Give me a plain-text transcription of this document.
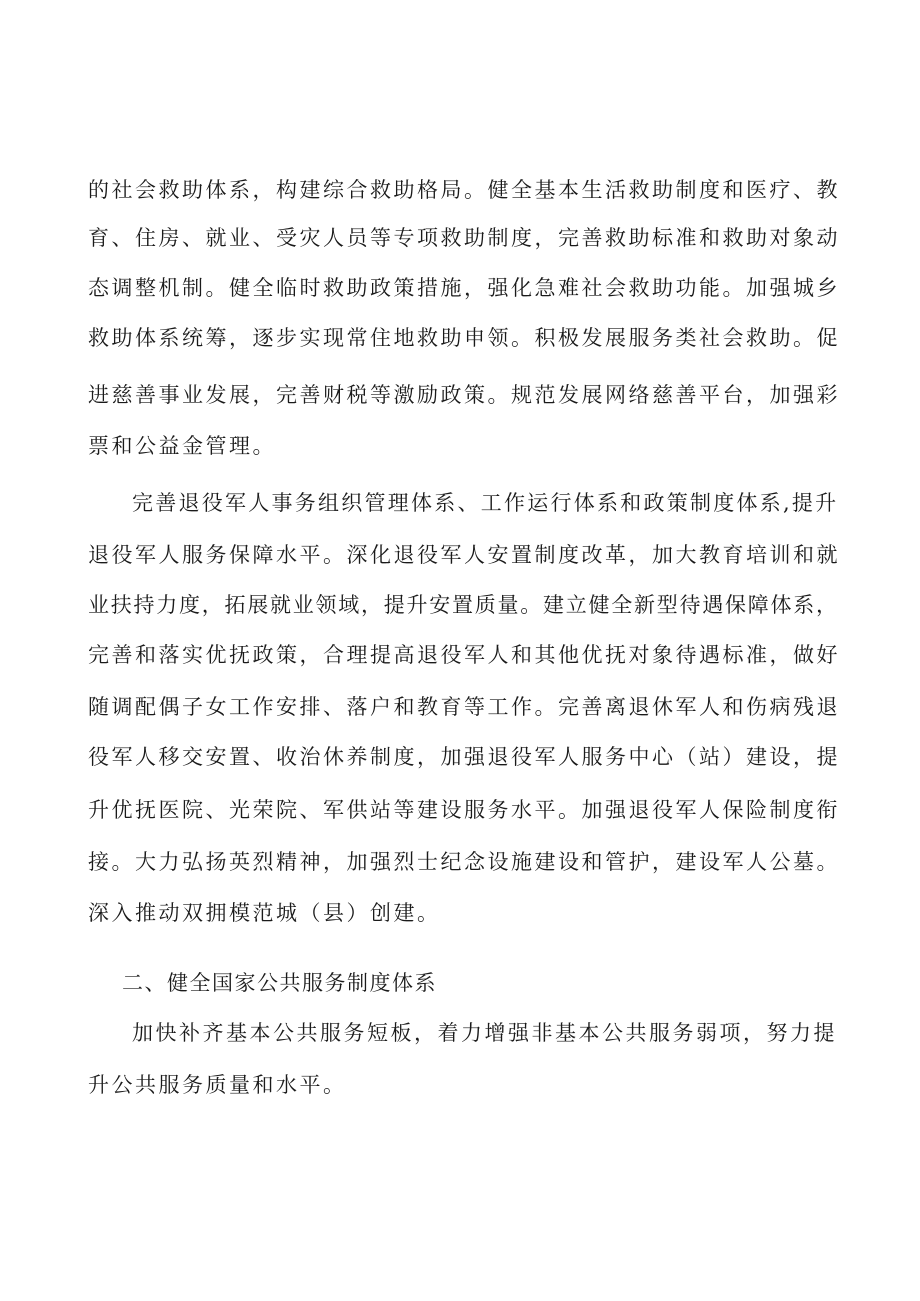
的社会救助体系，构建综合救助格局。健全基本生活救助制度和医疗、教
育、住房、就业、受灾人员等专项救助制度，完善救助标准和救助对象动
态调整机制。健全临时救助政策措施，强化急难社会救助功能。加强城乡
救助体系统筹，逐步实现常住地救助申领。积极发展服务类社会救助。促
进慈善事业发展，完善财税等激励政策。规范发展网络慈善平台，加强彩
票和公益金管理。
完善退役军人事务组织管理体系、工作运行体系和政策制度体系,提升
退役军人服务保障水平。深化退役军人安置制度改革，加大教育培训和就
业扶持力度，拓展就业领域，提升安置质量。建立健全新型待遇保障体系，
完善和落实优抚政策，合理提高退役军人和其他优抚对象待遇标准，做好
随调配偶子女工作安排、落户和教育等工作。完善离退休军人和伤病残退
役军人移交安置、收治休养制度，加强退役军人服务中心（站）建设，提
升优抚医院、光荣院、军供站等建设服务水平。加强退役军人保险制度衔
接。大力弘扬英烈精神，加强烈士纪念设施建设和管护，建设军人公墓。
深入推动双拥模范城（县）创建。
二、健全国家公共服务制度体系
加快补齐基本公共服务短板，着力增强非基本公共服务弱项，努力提
升公共服务质量和水平。
